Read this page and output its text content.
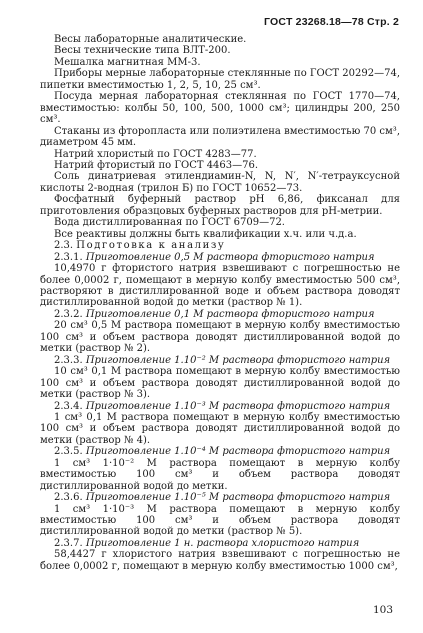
ГОСТ 23268.18—78 Стр. 2

Весы лабораторные аналитические.

Весы технические типа ВЛТ-200.

Мешалка магнитная ММ-3.

Приборы мерные лабораторные стеклянные по ГОСТ 20292—74, пипетки вместимостью 1, 2, 5, 10, 25 см³.

Посуда мерная лабораторная стеклянная по ГОСТ 1770—74, вместимостью: колбы 50, 100, 500, 1000 см³; цилиндры 200, 250 см³.

Стаканы из фторопласта или полиэтилена вместимостью 70 см³, диаметром 45 мм.

Натрий хлористый по ГОСТ 4283—77.

Натрий фтористый по ГОСТ 4463—76.

Соль динатриевая этилендиамин-N, N, N′, N′-тетрауксусной кислоты 2-водная (трилон Б) по ГОСТ 10652—73.

Фосфатный буферный раствор pH 6,86, фиксанал для приготовления образцовых буферных растворов для pH-метрии.

Вода дистиллированная по ГОСТ 6709—72.

Все реактивы должны быть квалификации х.ч. или ч.д.а.

2.3. Подготовка к анализу

2.3.1. Приготовление 0,5 М раствора фтористого натрия

10,4970 г фтористого натрия взвешивают с погрешностью не более 0,0002 г, помещают в мерную колбу вместимостью 500 см³, растворяют в дистиллированной воде и объем раствора доводят дистиллированной водой до метки (раствор № 1).

2.3.2. Приготовление 0,1 М раствора фтористого натрия

20 см³ 0,5 М раствора помещают в мерную колбу вместимостью 100 см³ и объем раствора доводят дистиллированной водой до метки (раствор № 2).

2.3.3. Приготовление 1.10⁻² М раствора фтористого натрия

10 см³ 0,1 М раствора помещают в мерную колбу вместимостью 100 см³ и объем раствора доводят дистиллированной водой до метки (раствор № 3).

2.3.4. Приготовление 1.10⁻³ М раствора фтористого натрия

1 см³ 0,1 М раствора помещают в мерную колбу вместимостью 100 см³ и объем раствора доводят дистиллированной водой до метки (раствор № 4).

2.3.5. Приготовление 1.10⁻⁴ М раствора фтористого натрия

1 см³ 1·10⁻² М раствора помещают в мерную колбу вместимостью 100 см³ и объем раствора доводят дистиллированной водой до метки.

2.3.6. Приготовление 1.10⁻⁵ М раствора фтористого натрия

1 см³ 1·10⁻³ М раствора помещают в мерную колбу вместимостью 100 см³ и объем раствора доводят дистиллированной водой до метки (раствор № 5).

2.3.7. Приготовление 1 н. раствора хлористого натрия

58,4427 г хлористого натрия взвешивают с погрешностью не более 0,0002 г, помещают в мерную колбу вместимостью 1000 см³,

103
